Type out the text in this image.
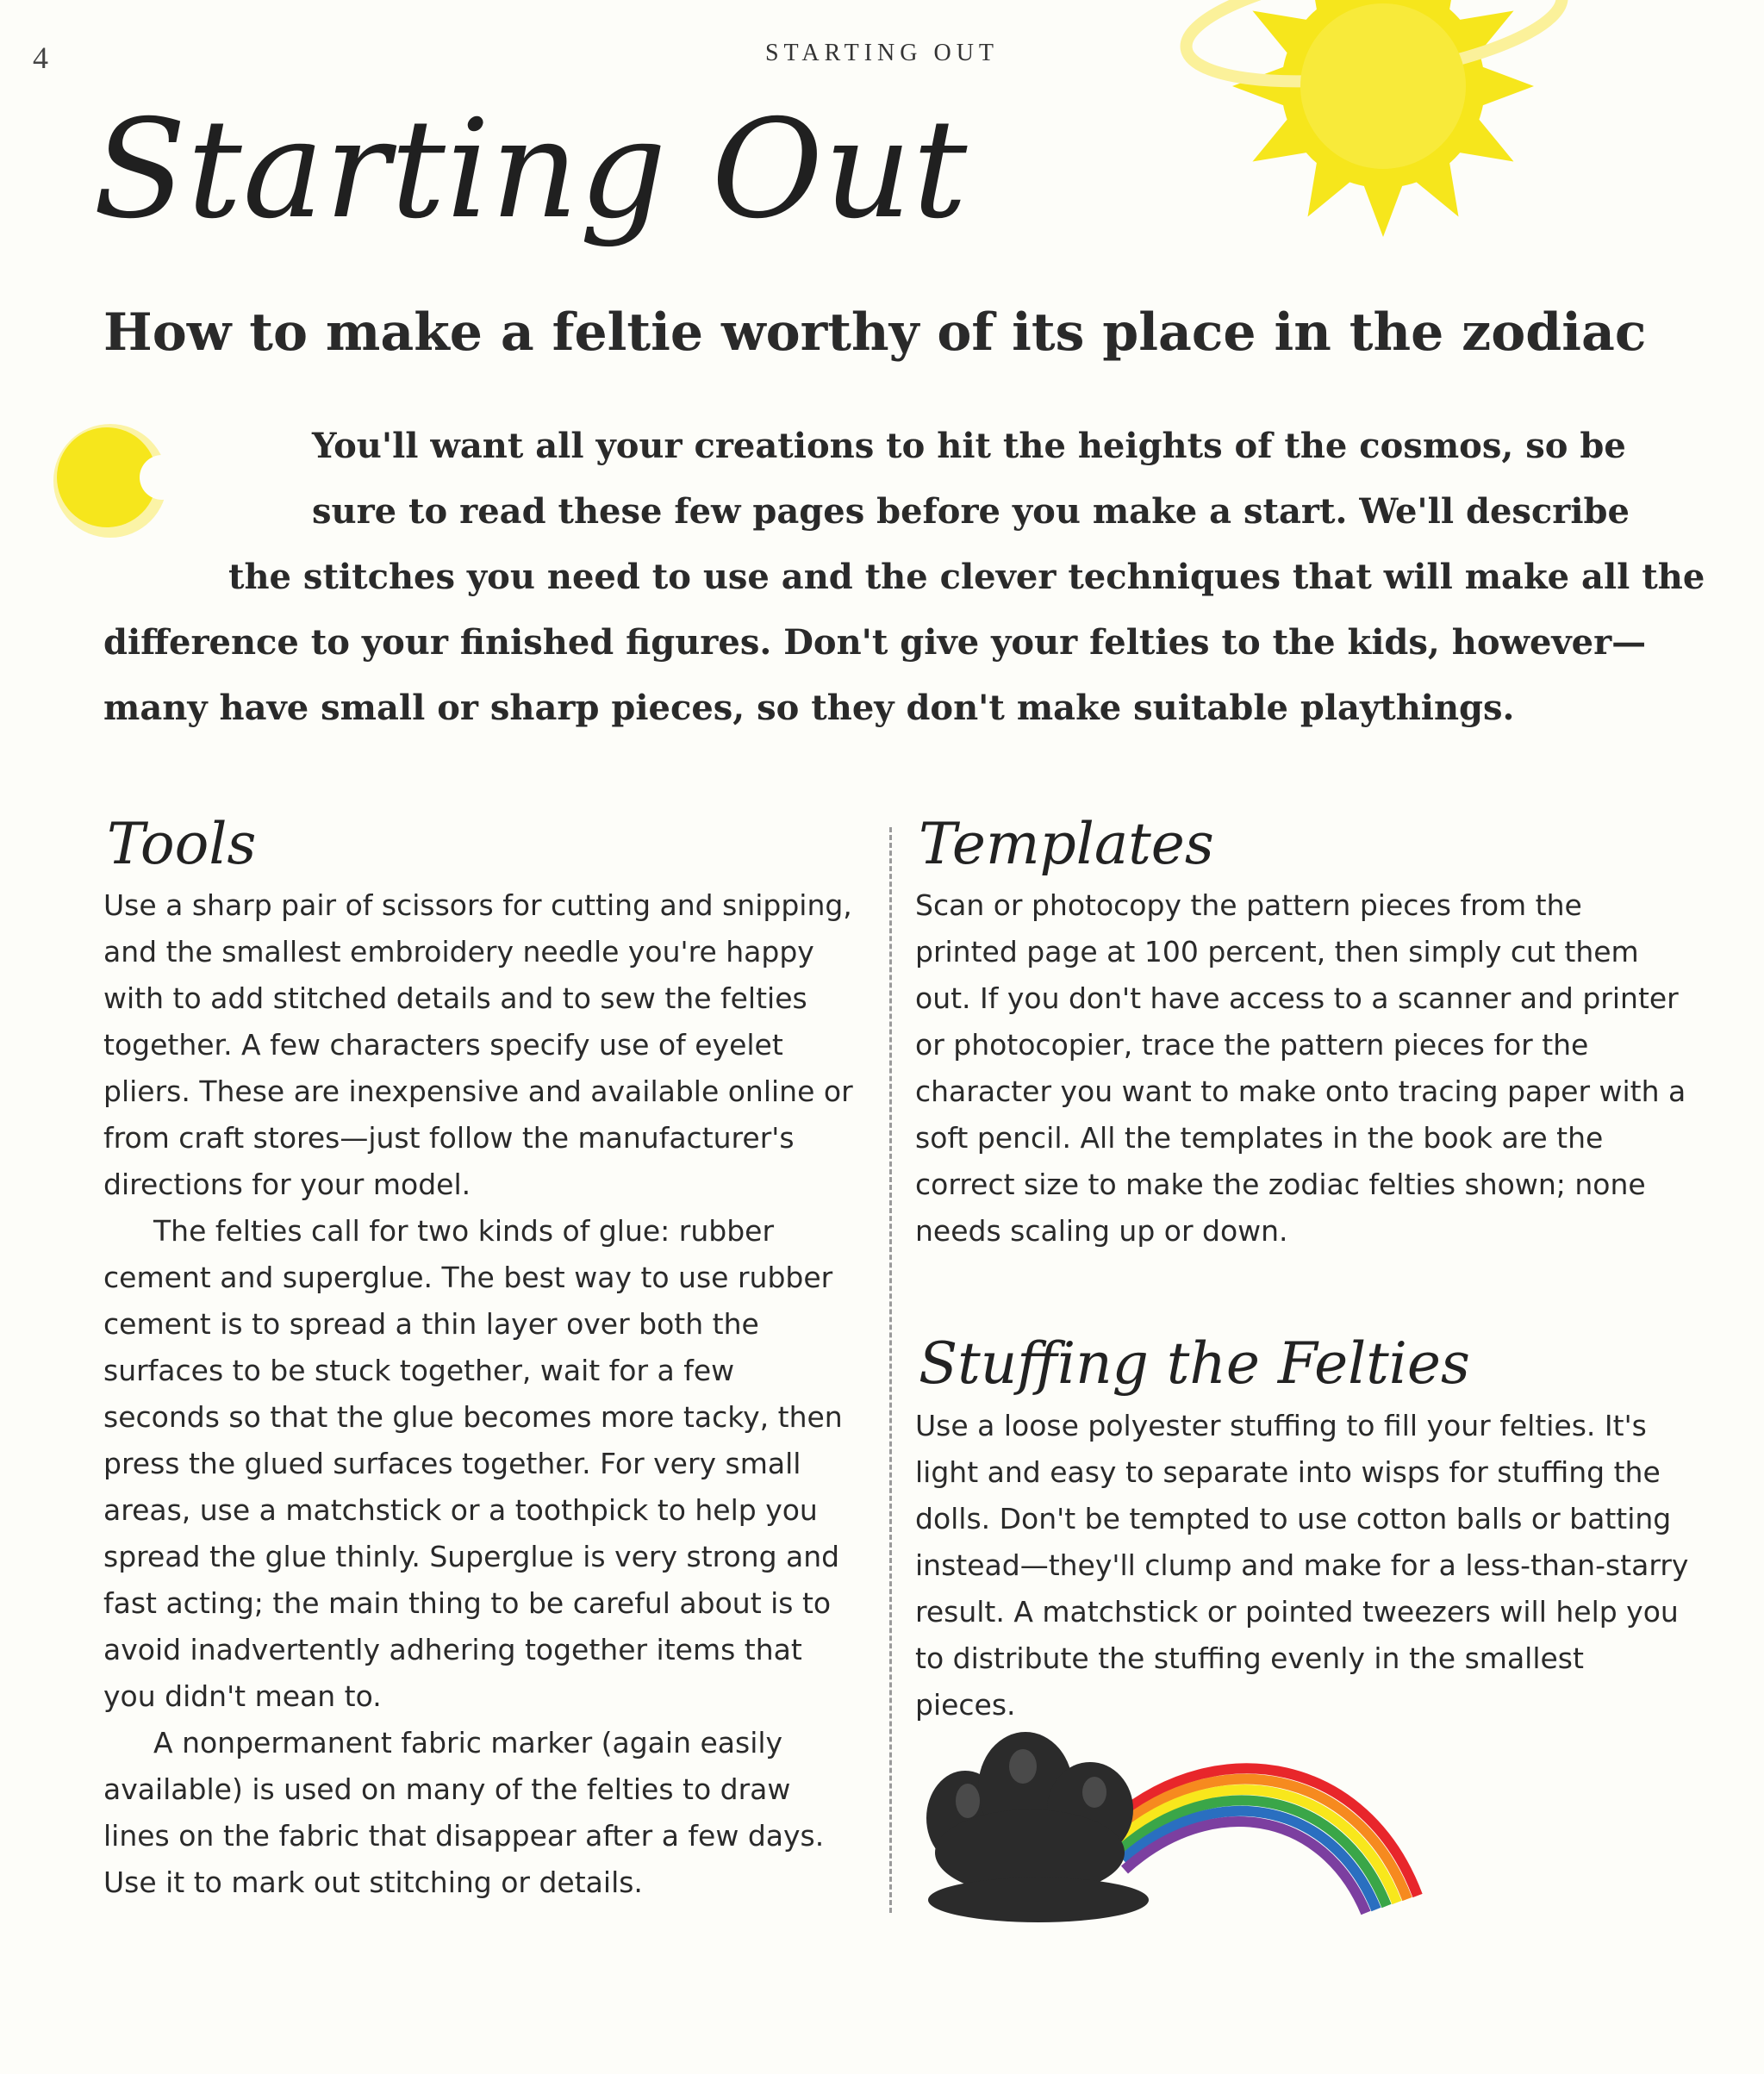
4	STARTING OUT
Starting Out
How to make a feltie worthy of its place in the zodiac
You'll want all your creations to hit the heights of the cosmos, so be
sure to read these few pages before you make a start. We'll describe
the stitches you need to use and the clever techniques that will make all the
difference to your finished figures. Don't give your felties to the kids, however—
many have small or sharp pieces, so they don't make suitable playthings.
Tools

Use a sharp pair of scissors for cutting and snipping, and the smallest embroidery needle you're happy with to add stitched details and to sew the felties together. A few characters specify use of eyelet pliers. These are inexpensive and available online or from craft stores—just follow the manufacturer's directions for your model.

The felties call for two kinds of glue: rubber cement and superglue. The best way to use rubber cement is to spread a thin layer over both the surfaces to be stuck together, wait for a few seconds so that the glue becomes more tacky, then press the glued surfaces together. For very small areas, use a matchstick or a toothpick to help you spread the glue thinly. Superglue is very strong and fast acting; the main thing to be careful about is to avoid inadvertently adhering together items that you didn't mean to.

A nonpermanent fabric marker (again easily available) is used on many of the felties to draw lines on the fabric that disappear after a few days. Use it to mark out stitching or details.

Templates

Scan or photocopy the pattern pieces from the printed page at 100 percent, then simply cut them out. If you don't have access to a scanner and printer or photocopier, trace the pattern pieces for the character you want to make onto tracing paper with a soft pencil. All the templates in the book are the correct size to make the zodiac felties shown; none needs scaling up or down.

Stuffing the Felties

Use a loose polyester stuffing to fill your felties. It's light and easy to separate into wisps for stuffing the dolls. Don't be tempted to use cotton balls or batting instead—they'll clump and make for a less-than-starry result. A matchstick or pointed tweezers will help you to distribute the stuffing evenly in the smallest pieces.
